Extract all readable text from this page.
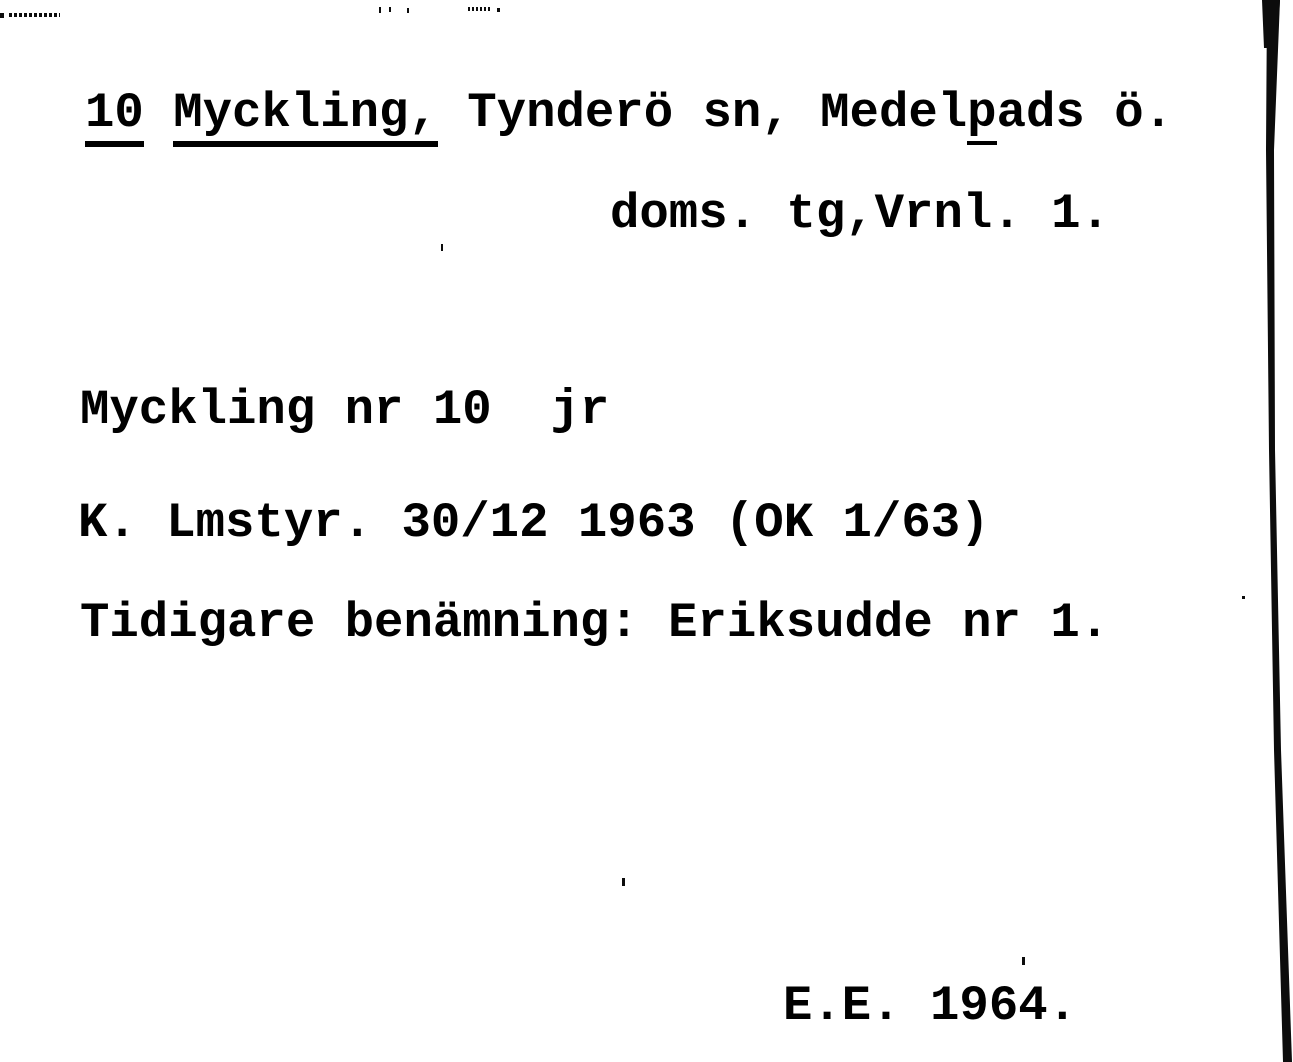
10 Myckling, Tynderö sn, Medelpads ö.
doms. tg,Vrnl. 1.
Myckling nr 10  jr
K. Lmstyr. 30/12 1963 (OK 1/63)
Tidigare benämning: Eriksudde nr 1.
E.E. 1964.
